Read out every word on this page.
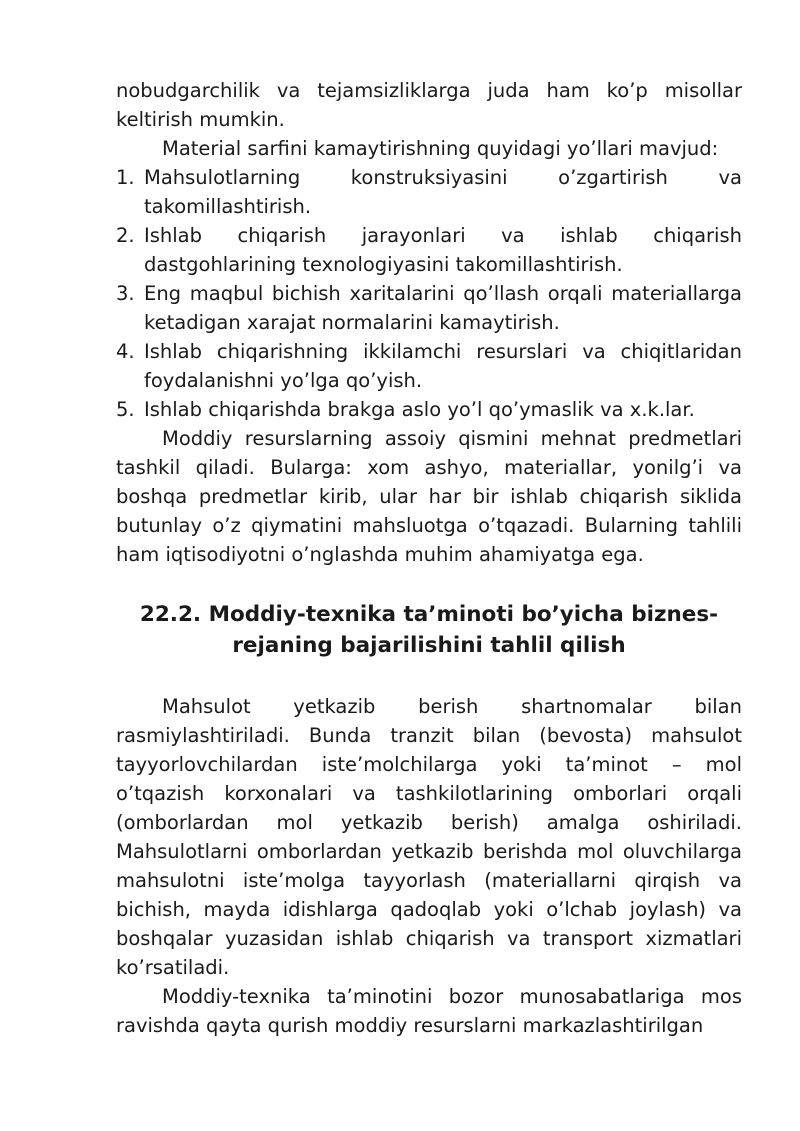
nobudgarchilik va tejamsizliklarga juda ham ko’p misollar keltirish mumkin.

Material sarfini kamaytirishning quyidagi yo’llari mavjud:

1. Mahsulotlarning konstruksiyasini o’zgartirish va takomillashtirish.
2. Ishlab chiqarish jarayonlari va ishlab chiqarish dastgohlarining texnologiyasini takomillashtirish.
3. Eng maqbul bichish xaritalarini qo’llash orqali materiallarga ketadigan xarajat normalarini kamaytirish.
4. Ishlab chiqarishning ikkilamchi resurslari va chiqitlaridan foydalanishni yo’lga qo’yish.
5. Ishlab chiqarishda brakga aslo yo’l qo’ymaslik va x.k.lar.

Moddiy resurslarning assoiy qismini mehnat predmetlari tashkil qiladi. Bularga: xom ashyo, materiallar, yonilg’i va boshqa predmetlar kirib, ular har bir ishlab chiqarish siklida butunlay o’z qiymatini mahsluotga o’tqazadi. Bularning tahlili ham iqtisodiyotni o’nglashda muhim ahamiyatga ega.

22.2. Moddiy-texnika ta’minoti bo’yicha biznes-rejaning bajarilishini tahlil qilish

Mahsulot yetkazib berish shartnomalar bilan rasmiylashtiriladi. Bunda tranzit bilan (bevosta) mahsulot tayyorlovchilardan iste’molchilarga yoki ta’minot – mol o’tqazish korxonalari va tashkilotlarining omborlari orqali (omborlardan mol yetkazib berish) amalga oshiriladi. Mahsulotlarni omborlardan yetkazib berishda mol oluvchilarga mahsulotni iste’molga tayyorlash (materiallarni qirqish va bichish, mayda idishlarga qadoqlab yoki o’lchab joylash) va boshqalar yuzasidan ishlab chiqarish va transport xizmatlari ko’rsatiladi.

Moddiy-texnika ta’minotini bozor munosabatlariga mos ravishda qayta qurish moddiy resurslarni markazlashtirilgan
